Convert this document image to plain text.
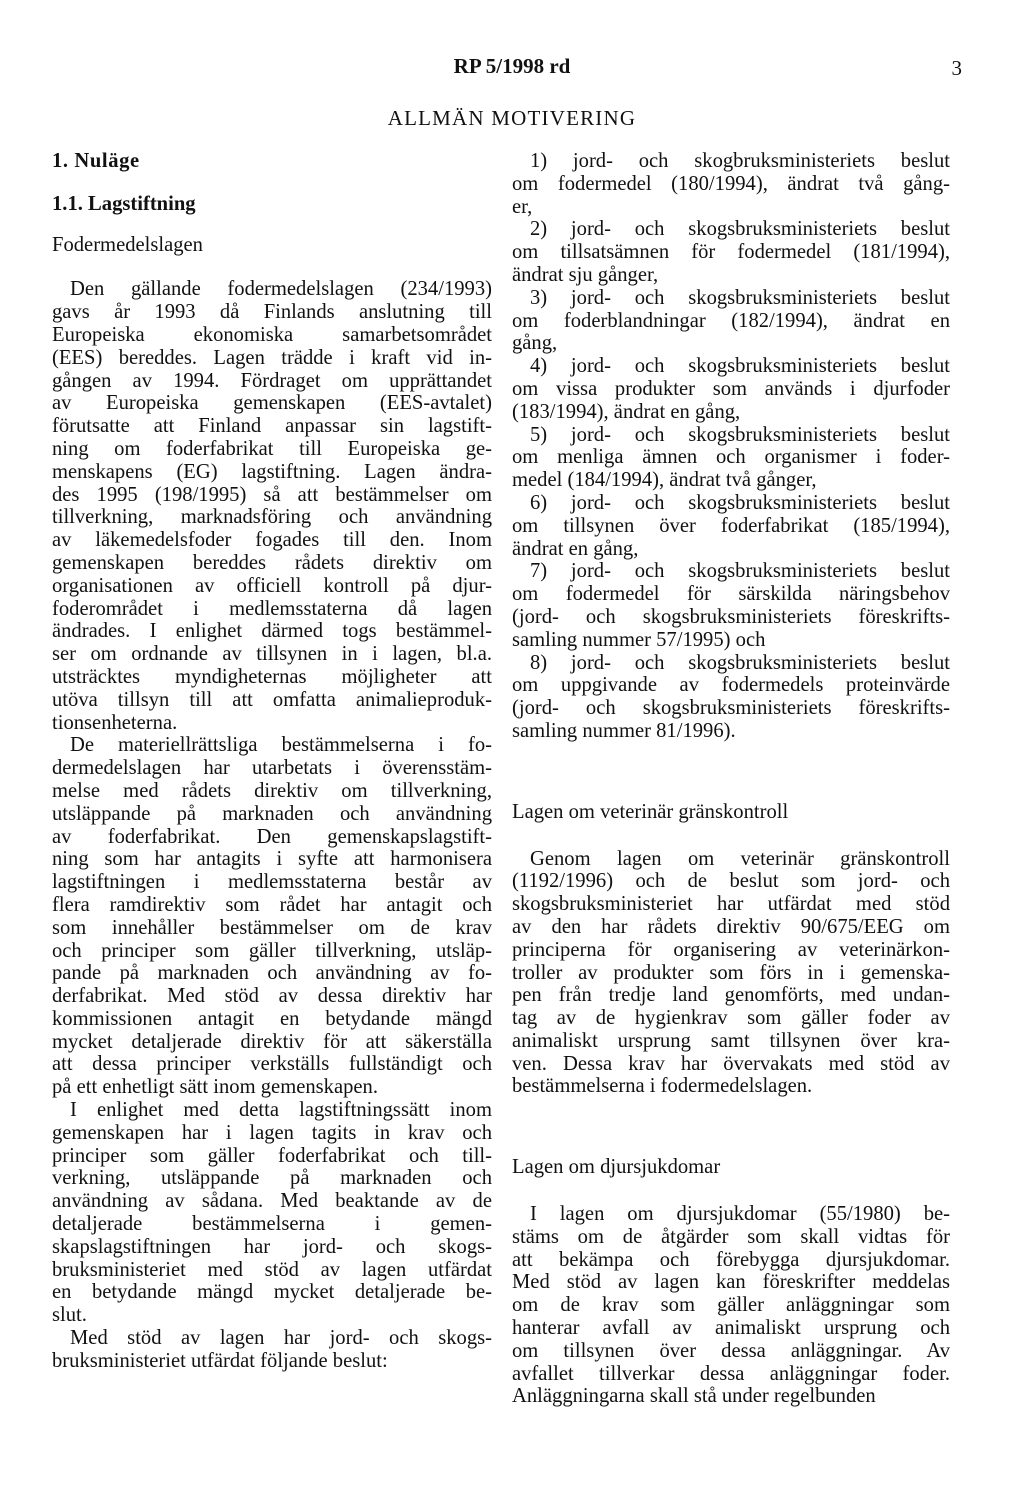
RP 5/1998 rd	3
ALLMÄN MOTIVERING

1. Nuläge

1.1. Lagstiftning

Fodermedelslagen

Den gällande fodermedelslagen (234/1993)
gavs år 1993 då Finlands anslutning till
Europeiska ekonomiska samarbetsområdet
(EES) bereddes. Lagen trädde i kraft vid in-
gången av 1994. Fördraget om upprättandet
av Europeiska gemenskapen (EES-avtalet)
förutsatte att Finland anpassar sin lagstift-
ning om foderfabrikat till Europeiska ge-
menskapens (EG) lagstiftning. Lagen ändra-
des 1995 (198/1995) så att bestämmelser om
tillverkning, marknadsföring och användning
av läkemedelsfoder fogades till den. Inom
gemenskapen bereddes rådets direktiv om
organisationen av officiell kontroll på djur-
foderområdet i medlemsstaterna då lagen
ändrades. I enlighet därmed togs bestämmel-
ser om ordnande av tillsynen in i lagen, bl.a.
utsträcktes myndigheternas möjligheter att
utöva tillsyn till att omfatta animalieproduk-
tionsenheterna.
De materiellrättsliga bestämmelserna i fo-
dermedelslagen har utarbetats i överensstäm-
melse med rådets direktiv om tillverkning,
utsläppande på marknaden och användning
av foderfabrikat. Den gemenskapslagstift-
ning som har antagits i syfte att harmonisera
lagstiftningen i medlemsstaterna består av
flera ramdirektiv som rådet har antagit och
som innehåller bestämmelser om de krav
och principer som gäller tillverkning, utsläp-
pande på marknaden och användning av fo-
derfabrikat. Med stöd av dessa direktiv har
kommissionen antagit en betydande mängd
mycket detaljerade direktiv för att säkerställa
att dessa principer verkställs fullständigt och
på ett enhetligt sätt inom gemenskapen.
I enlighet med detta lagstiftningssätt inom
gemenskapen har i lagen tagits in krav och
principer som gäller foderfabrikat och till-
verkning, utsläppande på marknaden och
användning av sådana. Med beaktande av de
detaljerade bestämmelserna i gemen-
skapslagstiftningen har jord- och skogs-
bruksministeriet med stöd av lagen utfärdat
en betydande mängd mycket detaljerade be-
slut.
Med stöd av lagen har jord- och skogs-
bruksministeriet utfärdat följande beslut:
1) jord- och skogbruksministeriets beslut
om fodermedel (180/1994), ändrat två gång-
er,
2) jord- och skogsbruksministeriets beslut
om tillsatsämnen för fodermedel (181/1994),
ändrat sju gånger,
3) jord- och skogsbruksministeriets beslut
om foderblandningar (182/1994), ändrat en
gång,
4) jord- och skogsbruksministeriets beslut
om vissa produkter som används i djurfoder
(183/1994), ändrat en gång,
5) jord- och skogsbruksministeriets beslut
om menliga ämnen och organismer i foder-
medel (184/1994), ändrat två gånger,
6) jord- och skogsbruksministeriets beslut
om tillsynen över foderfabrikat (185/1994),
ändrat en gång,
7) jord- och skogsbruksministeriets beslut
om fodermedel för särskilda näringsbehov
(jord- och skogsbruksministeriets föreskrifts-
samling nummer 57/1995) och
8) jord- och skogsbruksministeriets beslut
om uppgivande av fodermedels proteinvärde
(jord- och skogsbruksministeriets föreskrifts-
samling nummer 81/1996).

Lagen om veterinär gränskontroll

Genom lagen om veterinär gränskontroll
(1192/1996) och de beslut som jord- och
skogsbruksministeriet har utfärdat med stöd
av den har rådets direktiv 90/675/EEG om
principerna för organisering av veterinärkon-
troller av produkter som förs in i gemenska-
pen från tredje land genomförts, med undan-
tag av de hygienkrav som gäller foder av
animaliskt ursprung samt tillsynen över kra-
ven. Dessa krav har övervakats med stöd av
bestämmelserna i fodermedelslagen.

Lagen om djursjukdomar

I lagen om djursjukdomar (55/1980) be-
stäms om de åtgärder som skall vidtas för
att bekämpa och förebygga djursjukdomar.
Med stöd av lagen kan föreskrifter meddelas
om de krav som gäller anläggningar som
hanterar avfall av animaliskt ursprung och
om tillsynen över dessa anläggningar. Av
avfallet tillverkar dessa anläggningar foder.
Anläggningarna skall stå under regelbunden
